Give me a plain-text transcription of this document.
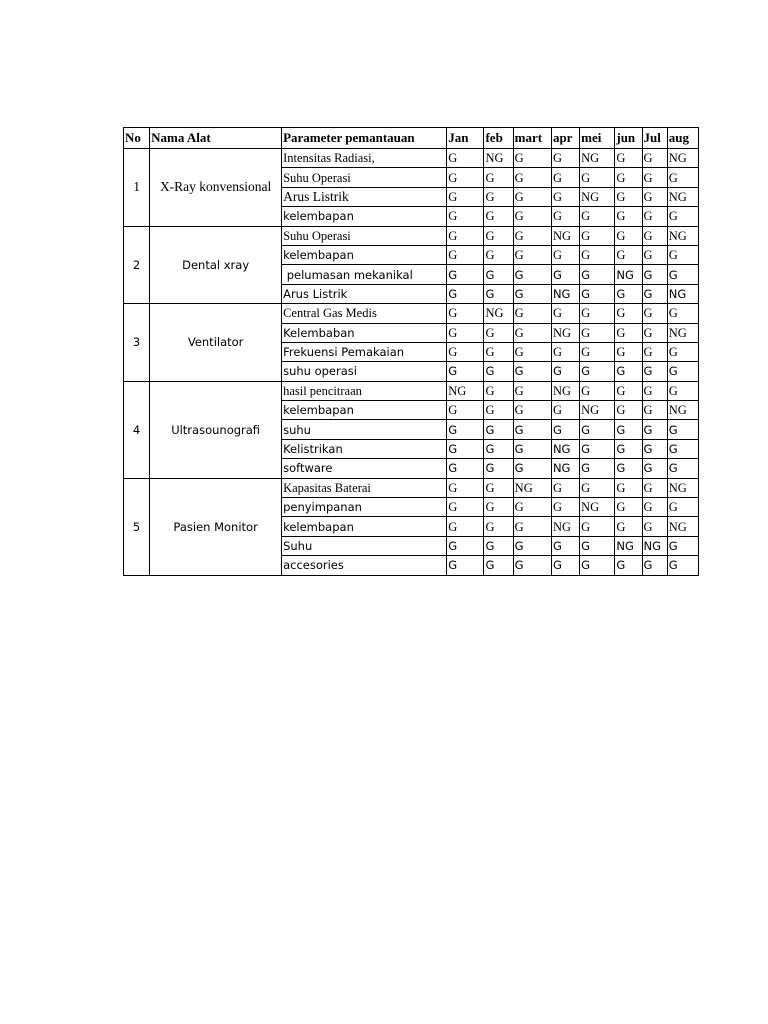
No	Nama Alat	Parameter pemantauan	Jan	feb	mart	apr	mei	jun	Jul	aug
1	X-Ray konvensional	Intensitas Radiasi,	G	NG	G	G	NG	G	G	NG
		Suhu Operasi	G	G	G	G	G	G	G	G
		Arus Listrik	G	G	G	G	NG	G	G	NG
		kelembapan	G	G	G	G	G	G	G	G
2	Dental xray	Suhu Operasi	G	G	G	NG	G	G	G	NG
		kelembapan	G	G	G	G	G	G	G	G
		pelumasan mekanikal	G	G	G	G	G	NG	G	G
		Arus Listrik	G	G	G	NG	G	G	G	NG
3	Ventilator	Central Gas Medis	G	NG	G	G	G	G	G	G
		Kelembaban	G	G	G	NG	G	G	G	NG
		Frekuensi Pemakaian	G	G	G	G	G	G	G	G
		suhu operasi	G	G	G	G	G	G	G	G
4	Ultrasounografi	hasil pencitraan	NG	G	G	NG	G	G	G	G
		kelembapan	G	G	G	G	NG	G	G	NG
		suhu	G	G	G	G	G	G	G	G
		Kelistrikan	G	G	G	NG	G	G	G	G
		software	G	G	G	NG	G	G	G	G
5	Pasien Monitor	Kapasitas Baterai	G	G	NG	G	G	G	G	NG
		penyimpanan	G	G	G	G	NG	G	G	G
		kelembapan	G	G	G	NG	G	G	G	NG
		Suhu	G	G	G	G	G	NG	NG	G
		accesories	G	G	G	G	G	G	G	G
